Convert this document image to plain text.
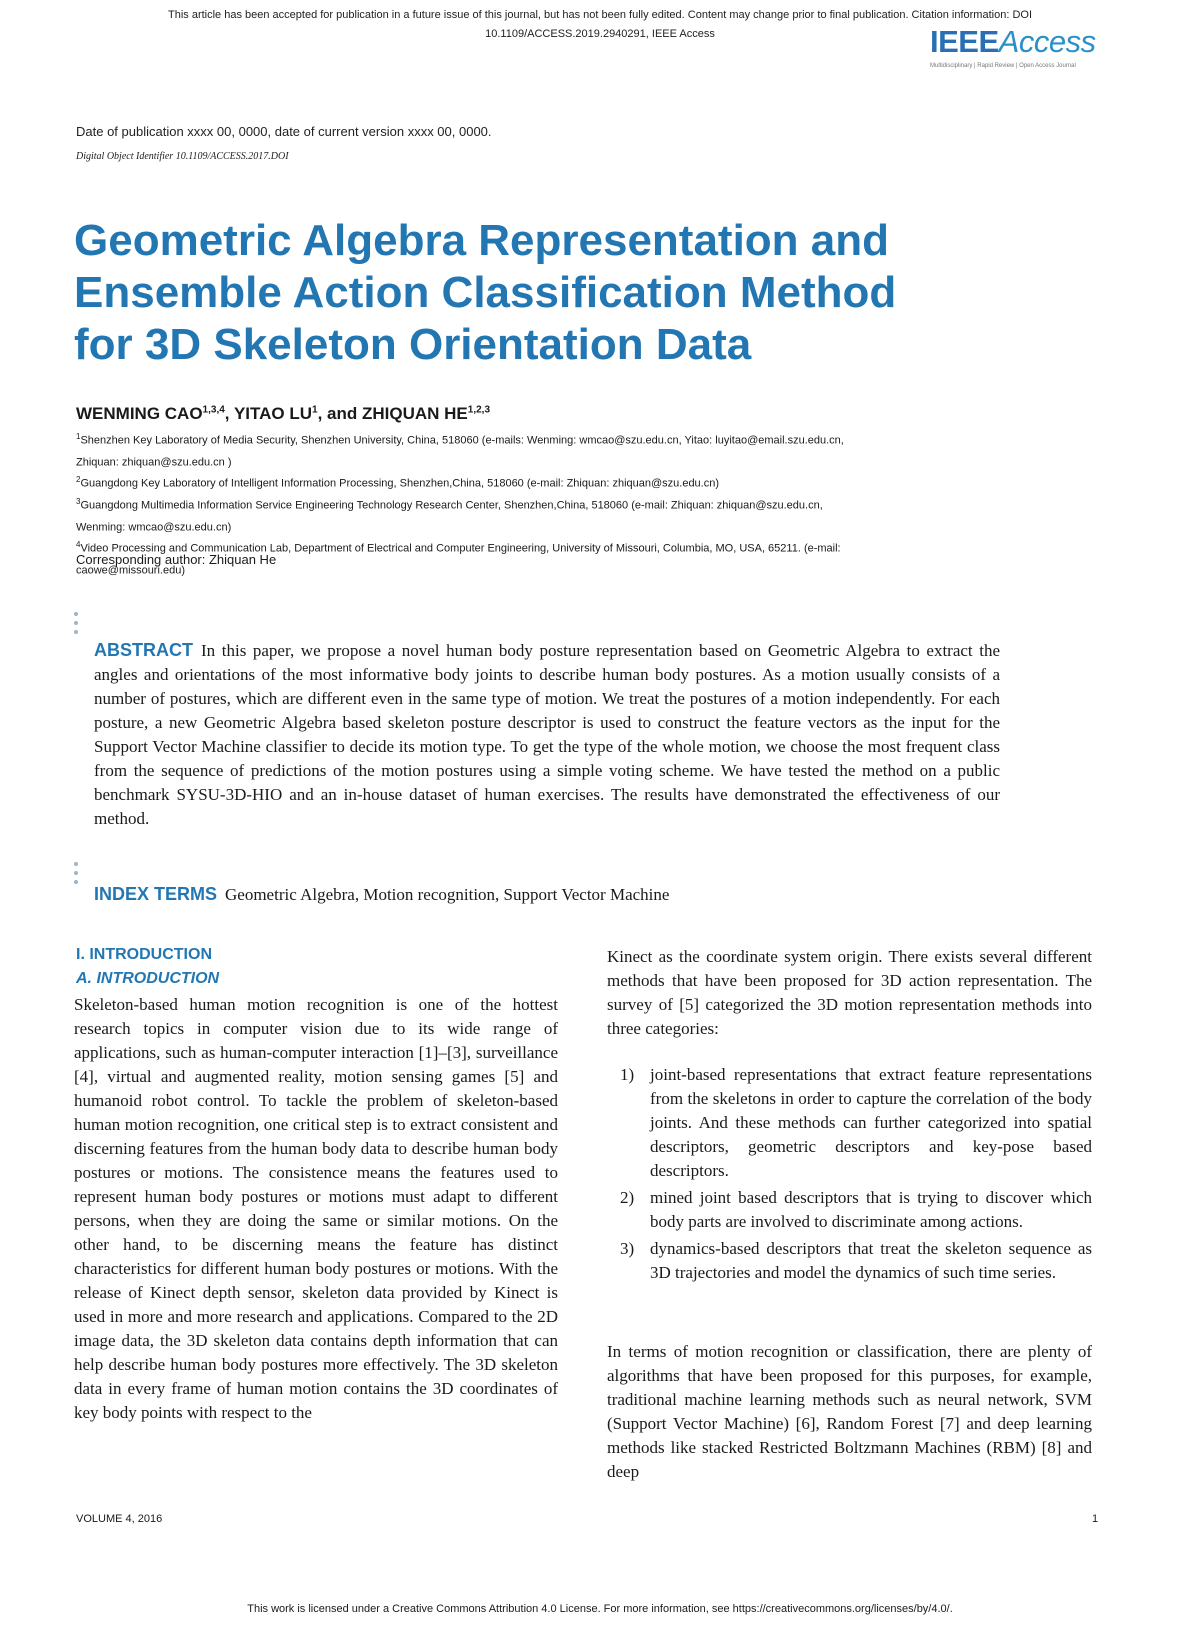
This article has been accepted for publication in a future issue of this journal, but has not been fully edited. Content may change prior to final publication. Citation information: DOI
10.1109/ACCESS.2019.2940291, IEEE Access	IEEEAccess
Multidisciplinary | Rapid Review | Open Access Journal
Date of publication xxxx 00, 0000, date of current version xxxx 00, 0000.
Digital Object Identifier 10.1109/ACCESS.2017.DOI
Geometric Algebra Representation and
Ensemble Action Classification Method
for 3D Skeleton Orientation Data
WENMING CAO$^{1,3,4}$, YITAO $LU^1$, and ZHIQUAN HE$^{1,2,3}$
$^1$Shenzhen Key Laboratory of Media Security, Shenzhen University, China, 518060 (e-mails: Wenming: wmcao@szu.edu.cn, Yitao: luyitao@email.szu.edu.cn,
Zhiquan: zhiquan@szu.edu.cn )
$^2$Guangdong Key Laboratory of Intelligent Information Processing, Shenzhen,China, 518060 (e-mail: Zhiquan: zhiquan@szu.edu.cn)
$^3$Guangdong Multimedia Information Service Engineering Technology Research Center, Shenzhen,China, 518060 (e-mail: Zhiquan: zhiquan@szu.edu.cn,
Wenming: wmcao@szu.edu.cn)
$^4$Video Processing and Communication Lab, Department of Electrical and Computer Engineering, University of Missouri, Columbia, MO, USA, 65211. (e-mail:
caowe@missouri.edu)
Corresponding author: Zhiquan He
ABSTRACT In this paper, we propose a novel human body posture representation based on Geometric Algebra to extract the angles and orientations of the most informative body joints to describe human body postures. As a motion usually consists of a number of postures, which are different even in the same type of motion. We treat the postures of a motion independently. For each posture, a new Geometric Algebra based skeleton posture descriptor is used to construct the feature vectors as the input for the Support Vector Machine classifier to decide its motion type. To get the type of the whole motion, we choose the most frequent class from the sequence of predictions of the motion postures using a simple voting scheme. We have tested the method on a public benchmark SYSU-3D-HIO and an in-house dataset of human exercises. The results have demonstrated the effectiveness of our method.
INDEX TERMS Geometric Algebra, Motion recognition, Support Vector Machine
I. INTRODUCTION
A. INTRODUCTION
Skeleton-based human motion recognition is one of the hottest research topics in computer vision due to its wide range of applications, such as human-computer interaction [1]–[3], surveillance [4], virtual and augmented reality, motion sensing games [5] and humanoid robot control. To tackle the problem of skeleton-based human motion recognition, one critical step is to extract consistent and discerning features from the human body data to describe human body postures or motions. The consistence means the features used to represent human body postures or motions must adapt to different persons, when they are doing the same or similar motions. On the other hand, to be discerning means the feature has distinct characteristics for different human body postures or motions. With the release of Kinect depth sensor, skeleton data provided by Kinect is used in more and more research and applications. Compared to the 2D image data, the 3D skeleton data contains depth information that can help describe human body postures more effectively. The 3D skeleton data in every frame of human motion contains the 3D coordinates of key body points with respect to the
Kinect as the coordinate system origin. There exists several different methods that have been proposed for 3D action representation. The survey of [5] categorized the 3D motion representation methods into three categories:
1) joint-based representations that extract feature representations from the skeletons in order to capture the correlation of the body joints. And these methods can further categorized into spatial descriptors, geometric descriptors and key-pose based descriptors.
2) mined joint based descriptors that is trying to discover which body parts are involved to discriminate among actions.
3) dynamics-based descriptors that treat the skeleton sequence as 3D trajectories and model the dynamics of such time series.
In terms of motion recognition or classification, there are plenty of algorithms that have been proposed for this purposes, for example, traditional machine learning methods such as neural network, SVM (Support Vector Machine) [6], Random Forest [7] and deep learning methods like stacked Restricted Boltzmann Machines (RBM) [8] and deep
VOLUME 4, 2016	1
This work is licensed under a Creative Commons Attribution 4.0 License. For more information, see https://creativecommons.org/licenses/by/4.0/.
